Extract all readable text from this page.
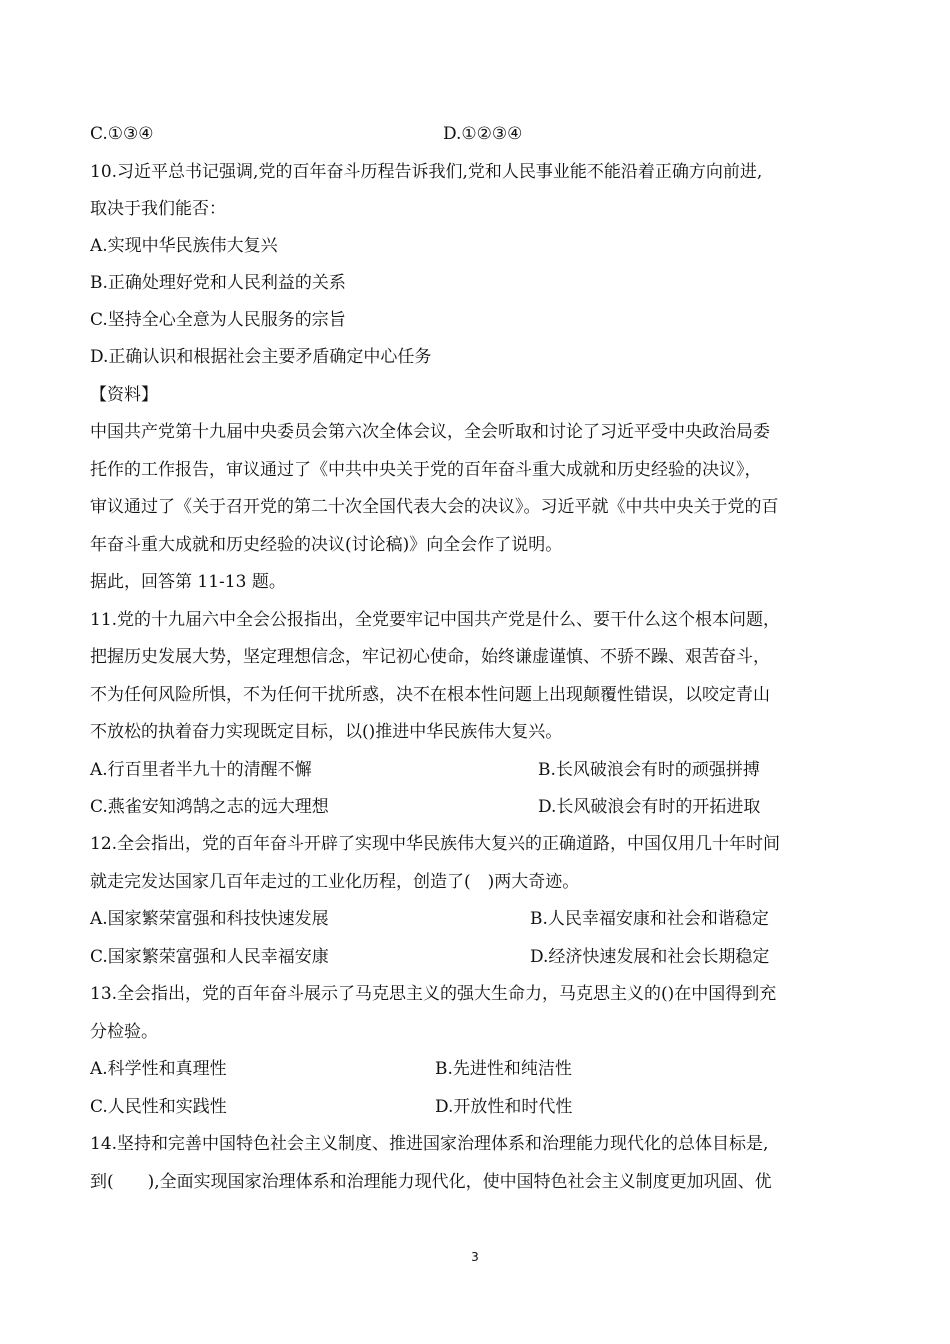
C.①③④	D.①②③④
10.习近平总书记强调,党的百年奋斗历程告诉我们,党和人民事业能不能沿着正确方向前进,
取决于我们能否：
A.实现中华民族伟大复兴
B.正确处理好党和人民利益的关系
C.坚持全心全意为人民服务的宗旨
D.正确认识和根据社会主要矛盾确定中心任务
【资料】
中国共产党第十九届中央委员会第六次全体会议，全会听取和讨论了习近平受中央政治局委
托作的工作报告，审议通过了《中共中央关于党的百年奋斗重大成就和历史经验的决议》，
审议通过了《关于召开党的第二十次全国代表大会的决议》。习近平就《中共中央关于党的百
年奋斗重大成就和历史经验的决议(讨论稿)》向全会作了说明。
据此，回答第 11-13 题。
11.党的十九届六中全会公报指出，全党要牢记中国共产党是什么、要干什么这个根本问题，
把握历史发展大势，坚定理想信念，牢记初心使命，始终谦虚谨慎、不骄不躁、艰苦奋斗，
不为任何风险所惧，不为任何干扰所惑，决不在根本性问题上出现颠覆性错误，以咬定青山
不放松的执着奋力实现既定目标，以()推进中华民族伟大复兴。
A.行百里者半九十的清醒不懈	B.长风破浪会有时的顽强拼搏
C.燕雀安知鸿鹄之志的远大理想	D.长风破浪会有时的开拓进取
12.全会指出，党的百年奋斗开辟了实现中华民族伟大复兴的正确道路，中国仅用几十年时间
就走完发达国家几百年走过的工业化历程，创造了(　)两大奇迹。
A.国家繁荣富强和科技快速发展	B.人民幸福安康和社会和谐稳定
C.国家繁荣富强和人民幸福安康	D.经济快速发展和社会长期稳定
13.全会指出，党的百年奋斗展示了马克思主义的强大生命力，马克思主义的()在中国得到充
分检验。
A.科学性和真理性	B.先进性和纯洁性
C.人民性和实践性	D.开放性和时代性
14.坚持和完善中国特色社会主义制度、推进国家治理体系和治理能力现代化的总体目标是,
到(　　),全面实现国家治理体系和治理能力现代化，使中国特色社会主义制度更加巩固、优
3
